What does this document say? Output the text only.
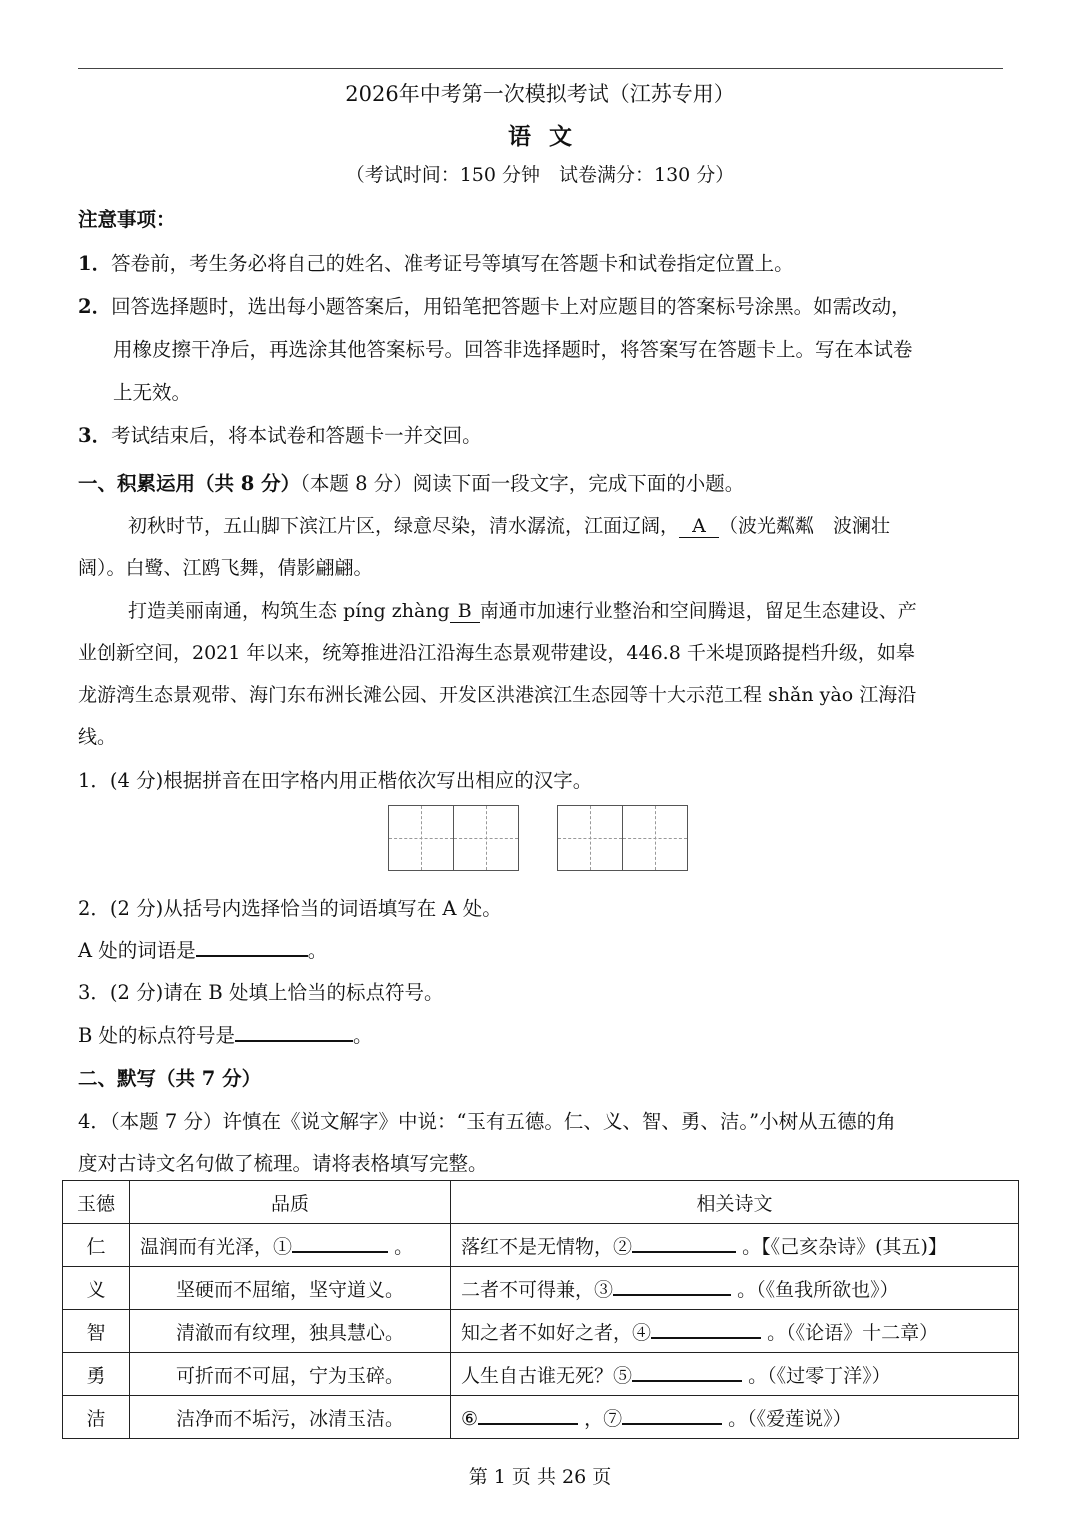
2026年中考第一次模拟考试（江苏专用）
语文
（考试时间：150 分钟　试卷满分：130 分）
注意事项：
1．答卷前，考生务必将自己的姓名、准考证号等填写在答题卡和试卷指定位置上。
2．回答选择题时，选出每小题答案后，用铅笔把答题卡上对应题目的答案标号涂黑。如需改动，
用橡皮擦干净后，再选涂其他答案标号。回答非选择题时，将答案写在答题卡上。写在本试卷
上无效。
3．考试结束后，将本试卷和答题卡一并交回。
一、积累运用（共 8 分）（本题 8 分）阅读下面一段文字，完成下面的小题。
初秋时节，五山脚下滨江片区，绿意尽染，清水潺流，江面辽阔， A （波光粼粼　波澜壮
阔）。白鹭、江鸥飞舞，倩影翩翩。
打造美丽南通，构筑生态 píng zhàng B 南通市加速行业整治和空间腾退，留足生态建设、产
业创新空间，2021 年以来，统筹推进沿江沿海生态景观带建设，446.8 千米堤顶路提档升级，如皋
龙游湾生态景观带、海门东布洲长滩公园、开发区洪港滨江生态园等十大示范工程 shǎn yào 江海沿
线。
1．(4 分)根据拼音在田字格内用正楷依次写出相应的汉字。
2．(2 分)从括号内选择恰当的词语填写在 A 处。
A 处的词语是	。
3．(2 分)请在 B 处填上恰当的标点符号。
B 处的标点符号是	。
二、默写（共 7 分）
4．（本题 7 分）许慎在《说文解字》中说：“玉有五德。仁、义、智、勇、洁。”小树从五德的角
度对古诗文名句做了梳理。请将表格填写完整。
玉德	品质	相关诗文
仁	温润而有光泽，① 。	落红不是无情物，② 。【《己亥杂诗》(其五)】
义	坚硬而不屈缩，坚守道义。	二者不可得兼，③ 。（《鱼我所欲也》）
智	清澈而有纹理，独具慧心。	知之者不如好之者，④ 。（《论语》十二章）
勇	可折而不可屈，宁为玉碎。	人生自古谁无死？⑤ 。（《过零丁洋》）
洁	洁净而不垢污，冰清玉洁。	⑥ ，⑦ 。（《爱莲说》）
第 1 页 共 26 页
